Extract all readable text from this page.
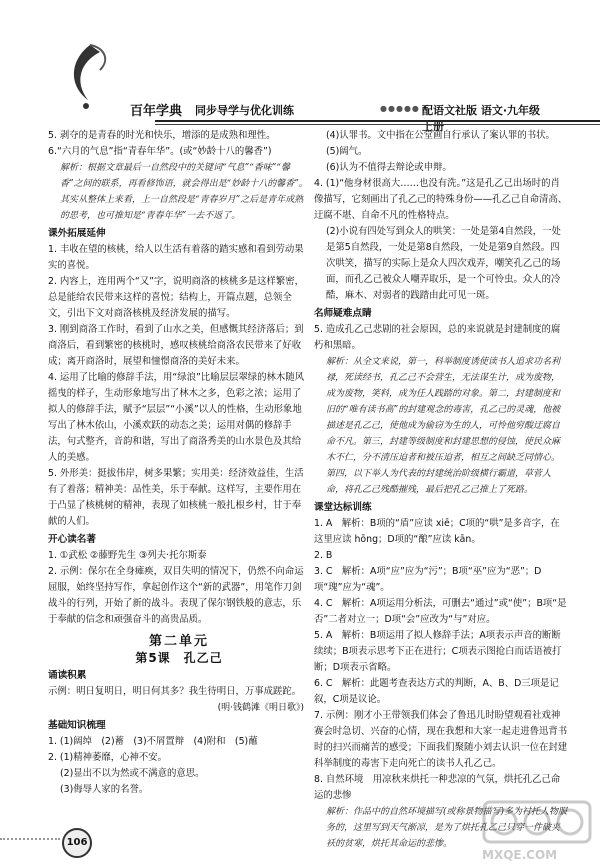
百年学典 同步导学与优化训练	●●●●● 配语文社版 语文·九年级上册

5. 剥夺的是青春的时光和快乐，增添的是成熟和理性。

6.“六月的气息”指“青春年华”。(或“妙龄十八的馨香”)

解析：根据文章最后一自然段中的关键词“气息”“香味”“馨香”之间的联系，再看修饰语，就会得出是“妙龄十八的馨香”。其实从整体上来看，上一自然段是“青春岁月”之后是青年成熟的思考，也可推知是“青春年华”一去不返了。

课外拓展延伸

1. 丰收在望的核桃，给人以生活有着落的踏实感和看到劳动果实的喜悦。

2. 内容上，连用两个“又”字，说明商洛的核桃多是这样繁密，总是能给农民带来这样的喜悦；结构上，开篇点题，总领全文，引出下文对商洛核桃及经济发展的描写。

3. 刚到商洛工作时，看到了山水之美，但感慨其经济落后；到商洛后，看到繁密的核桃时，感叹核桃给商洛农民带来了好收成；离开商洛时，展望和憧憬商洛的美好未来。

4. 运用了比喻的修辞手法，用“绿浪”比喻层层翠绿的林木随风摇曳的样子，生动形象地写出了林木之多，色彩之浓；运用了拟人的修辞手法，赋予“层层”“小溪”以人的性格，生动形象地写出了林木依山，小溪欢跃的动态之美；运用对偶的修辞手法，句式整齐，音韵和谐，写出了商洛秀美的山水景色及其给人的美感。

5. 外形美：挺拔伟岸，树多果繁；实用美：经济效益佳，生活有了着落；精神美：品性美，乐于奉献。这样写，主要作用在于凸显了核桃树的精神，表现了如核桃一般扎根乡村，甘于奉献的人们。

开心读名著

1. ①武松 ②藤野先生 ③列夫·托尔斯泰

2. 示例：保尔在全身瘫痪，双目失明的情况下，仍然不向命运屈服，始终坚持写作，拿起创作这个“新的武器”，用笔作刀剑战斗的行列，开始了新的战斗。表现了保尔钢铁般的意志，乐于奉献的信念和顽强奋斗的高贵品质。

第二单元

第5课　孔乙己

诵读积累

示例：明日复明日，明日何其多？我生待明日，万事成蹉跎。

(明·钱鹤滩《明日歌》)

基础知识梳理

1. (1)阔绰　(2)蓄　(3)不屑置辩　(4)附和　(5)蘸

2. (1)精神萎靡，心神不安。

(2)显出不以为然或不满意的意思。

(3)侮辱人家的名誉。

(4)认罪书。文中指在公堂画自行承认了案认罪的书状。

(5)阔气。

(6)认为不值得去辩论或申辩。

4. (1)“他身材很高大……也没有洗。”这是孔乙己出场时的肖像描写，它刻画出了孔乙己的特殊身份——孔乙己自命清高、迂腐不堪、自命不凡的性格特点。

(2)小说有四处写到众人的哄笑：一处是第4自然段，一处是第5自然段，一处是第8自然段，一处是第9自然段。四次哄笑，描写的实际上是众人四次戏弄，嘲笑孔乙己的场面，而孔乙己被众人嘲弄取乐，是一个可怜虫。众人的冷酷，麻木、对弱者的践踏由此可见一斑。

名师疑难点睛

5. 造成孔乙己悲剧的社会原因，总的来说就是封建制度的腐朽和黑暗。

解析：从全文来说，第一，科举制度诱使读书人追求功名利禄，死读经书，孔乙己不会营生，无法谋生计，成为废物，成为废物，笑料，成为任人践踏的对象。第二，封建制度和旧的“唯有读书高”的封建观念的毒害，孔乙己的灵魂，他被描述是孔乙己，使他成为偷窃为生的人，可怜他穷酸迂腐自命不凡。第三，封建等级制度和封建思想的侵蚀，使民众麻木不仁，分不清压迫者和被压迫者，相互之间缺乏同情心。第四，以下举人为代表的封建统治阶级横行霸道，草菅人命，将孔乙己残酷摧残，最后把孔乙己推上了死路。

课堂达标训练

1. A　解析：B项的“盾”应读 xiē；C项的“哄”是多音字，在这里应读 hōng；D项的“酿”应读 kān。

2. B

3. C　解析：A项“应”应为“污”；B项“巫”应为“恶”；D项“瑰”应为“魂”。

4. C　解析：A项运用分析法，可删去“通过”或“使”；B项“是否”二者对立一；D项“会”应改为“与”对应。

5. A　解析：B项运用了拟人修辞手法；A项表示声音的断断续续；B项表示思考下正在进行；C项表示图抢白而话语被打断；D项表示省略。

6. C　解析：此题考查表达方式的判断，A、B、D三项是记叙，C项是议论。

7. 示例：刚才小王带领我们体会了鲁迅儿时盼望观看社戏神赛会时急切、兴奋的心情，现在我想和大家一起走进鲁迅背书时的扫兴而痛苦的感受；下面我们聚随小刘去认识一位在封建科举制度的毒害下走向死亡的读书人孔乙己。

8. 自然环境　用凉秋来烘托一种悲凉的气氛，烘托孔乙己命运的悲惨

解析：作品中的自然环境描写(或称景物描写)多为衬托人物服务的，这里写到天气渐凉，是为了烘托孔乙己只穿一件破夹袄的贫寒，烘托其命运的悲惨。

106
MXQE.COM
